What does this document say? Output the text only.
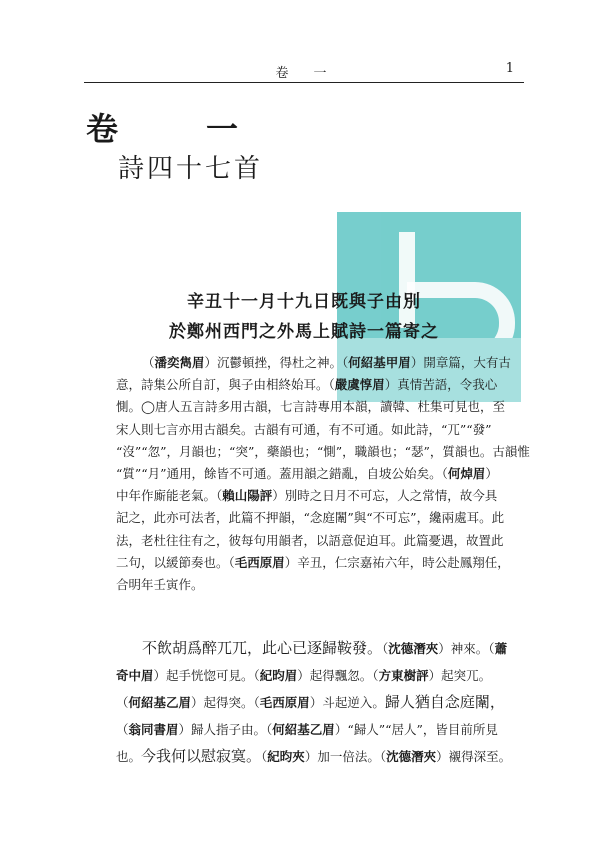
卷　一	1
卷　一
詩四十七首
辛丑十一月十九日既與子由別
於鄭州西門之外馬上賦詩一篇寄之
（潘奕雋眉）沉鬱頓挫，得杜之神。（何紹基甲眉）開章篇，大有古
意，詩集公所自訂，與子由相終始耳。（嚴虞惇眉）真情苦語，令我心
惻。◯唐人五言詩多用古韻，七言詩專用本韻，讀韓、杜集可見也，至
宋人則七言亦用古韻矣。古韻有可通，有不可通。如此詩，“兀”“發”
“沒”“忽”，月韻也；“突”，藥韻也；“惻”，職韻也；“瑟”，質韻也。古韻惟
“質”“月”通用，餘皆不可通。蓋用韻之錯亂，自坡公始矣。（何焯眉）
中年作廝能老氣。（賴山陽評）別時之日月不可忘，人之常情，故今具
記之，此亦可法者，此篇不押韻，“念庭闈”與“不可忘”，纔兩處耳。此
法，老杜往往有之，彼每句用韻者，以語意促迫耳。此篇憂遇，故置此
二句，以緩節奏也。（毛西原眉）辛丑，仁宗嘉祐六年，時公赴鳳翔任，
合明年壬寅作。
不飲胡爲醉兀兀，此心已逐歸鞍發。（沈德潛夾）神來。（蕭
奇中眉）起手恍惚可見。（紀昀眉）起得飄忽。（方東樹評）起突兀。
（何紹基乙眉）起得突。（毛西原眉）斗起逆入。歸人猶自念庭闈，
（翁同書眉）歸人指子由。（何紹基乙眉）“歸人”“居人”，皆目前所見
也。今我何以慰寂寞。（紀昀夾）加一倍法。（沈德潛夾）襯得深至。
